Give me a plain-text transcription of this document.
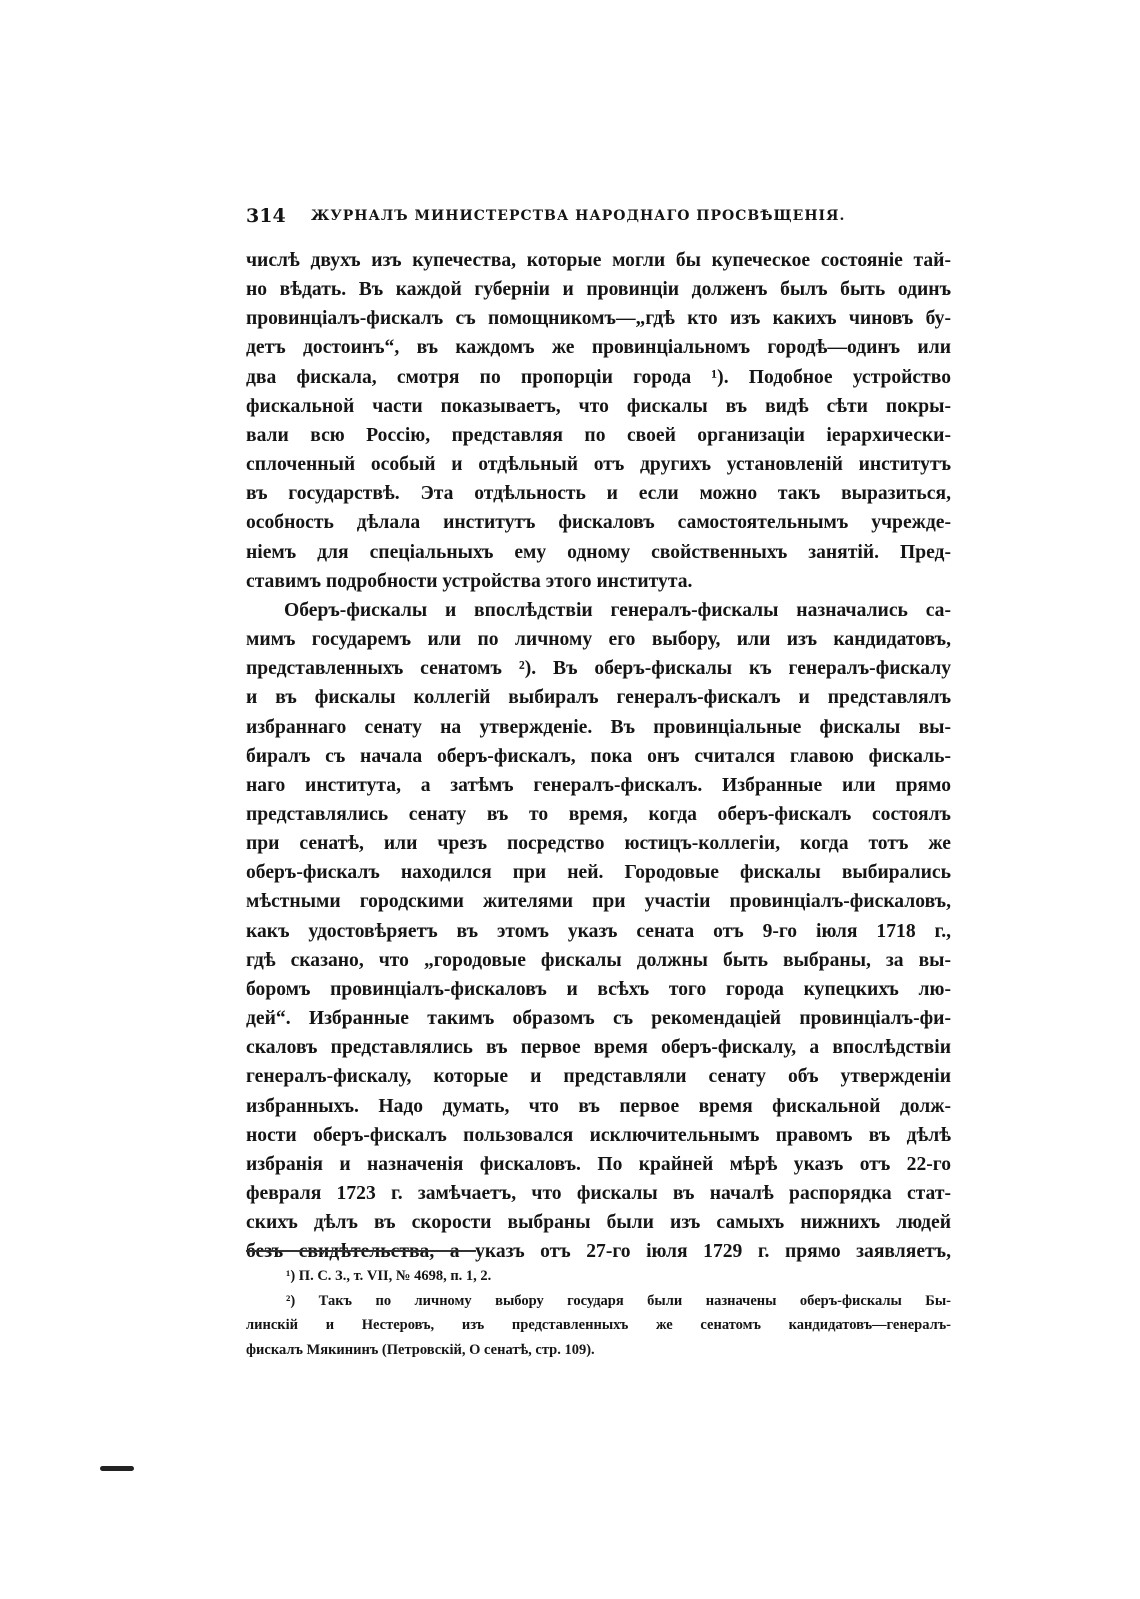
314 ЖУРНАЛЪ МИНИСТЕРСТВА НАРОДНАГО ПРОСВѢЩЕНІЯ.

числѣ двухъ изъ купечества, которые могли бы купеческое состояніе тай-

но вѣдать. Въ каждой губерніи и провинціи долженъ былъ быть одинъ

провинціалъ-фискалъ съ помощникомъ—„гдѣ кто изъ какихъ чиновъ бу-

детъ достоинъ“, въ каждомъ же провинціальномъ городѣ—одинъ или

два фискала, смотря по пропорціи города ¹). Подобное устройство

фискальной части показываетъ, что фискалы въ видѣ сѣти покры-

вали всю Россію, представляя по своей организаціи іерархически-

сплоченный особый и отдѣльный отъ другихъ установленій институтъ

въ государствѣ. Эта отдѣльность и если можно такъ выразиться,

особность дѣлала институтъ фискаловъ самостоятельнымъ учрежде-

ніемъ для спеціальныхъ ему одному свойственныхъ занятій. Пред-

ставимъ подробности устройства этого института.

Оберъ-фискалы и впослѣдствіи генералъ-фискалы назначались са-

мимъ государемъ или по личному его выбору, или изъ кандидатовъ,

представленныхъ сенатомъ ²). Въ оберъ-фискалы къ генералъ-фискалу

и въ фискалы коллегій выбиралъ генералъ-фискалъ и представлялъ

избраннаго сенату на утвержденіе. Въ провинціальные фискалы вы-

биралъ съ начала оберъ-фискалъ, пока онъ считался главою фискаль-

наго института, а затѣмъ генералъ-фискалъ. Избранные или прямо

представлялись сенату въ то время, когда оберъ-фискалъ состоялъ

при сенатѣ, или чрезъ посредство юстицъ-коллегіи, когда тотъ же

оберъ-фискалъ находился при ней. Городовые фискалы выбирались

мѣстными городскими жителями при участіи провинціалъ-фискаловъ,

какъ удостовѣряетъ въ этомъ указъ сената отъ 9-го іюля 1718 г.,

гдѣ сказано, что „городовые фискалы должны быть выбраны, за вы-

боромъ провинціалъ-фискаловъ и всѣхъ того города купецкихъ лю-

дей“. Избранные такимъ образомъ съ рекомендаціей провинціалъ-фи-

скаловъ представлялись въ первое время оберъ-фискалу, а впослѣдствіи

генералъ-фискалу, которые и представляли сенату объ утвержденіи

избранныхъ. Надо думать, что въ первое время фискальной долж-

ности оберъ-фискалъ пользовался исключительнымъ правомъ въ дѣлѣ

избранія и назначенія фискаловъ. По крайней мѣрѣ указъ отъ 22-го

февраля 1723 г. замѣчаетъ, что фискалы въ началѣ распорядка стат-

скихъ дѣлъ въ скорости выбраны были изъ самыхъ нижнихъ людей

безъ свидѣтельства, а указъ отъ 27-го іюля 1729 г. прямо заявляетъ,

¹) П. С. З., т. VII, № 4698, п. 1, 2.

²) Такъ по личному выбору государя были назначены оберъ-фискалы Бы-

линскій и Нестеровъ, изъ представленныхъ же сенатомъ кандидатовъ—генералъ-

фискалъ Мякининъ (Петровскій, О сенатѣ, стр. 109).
